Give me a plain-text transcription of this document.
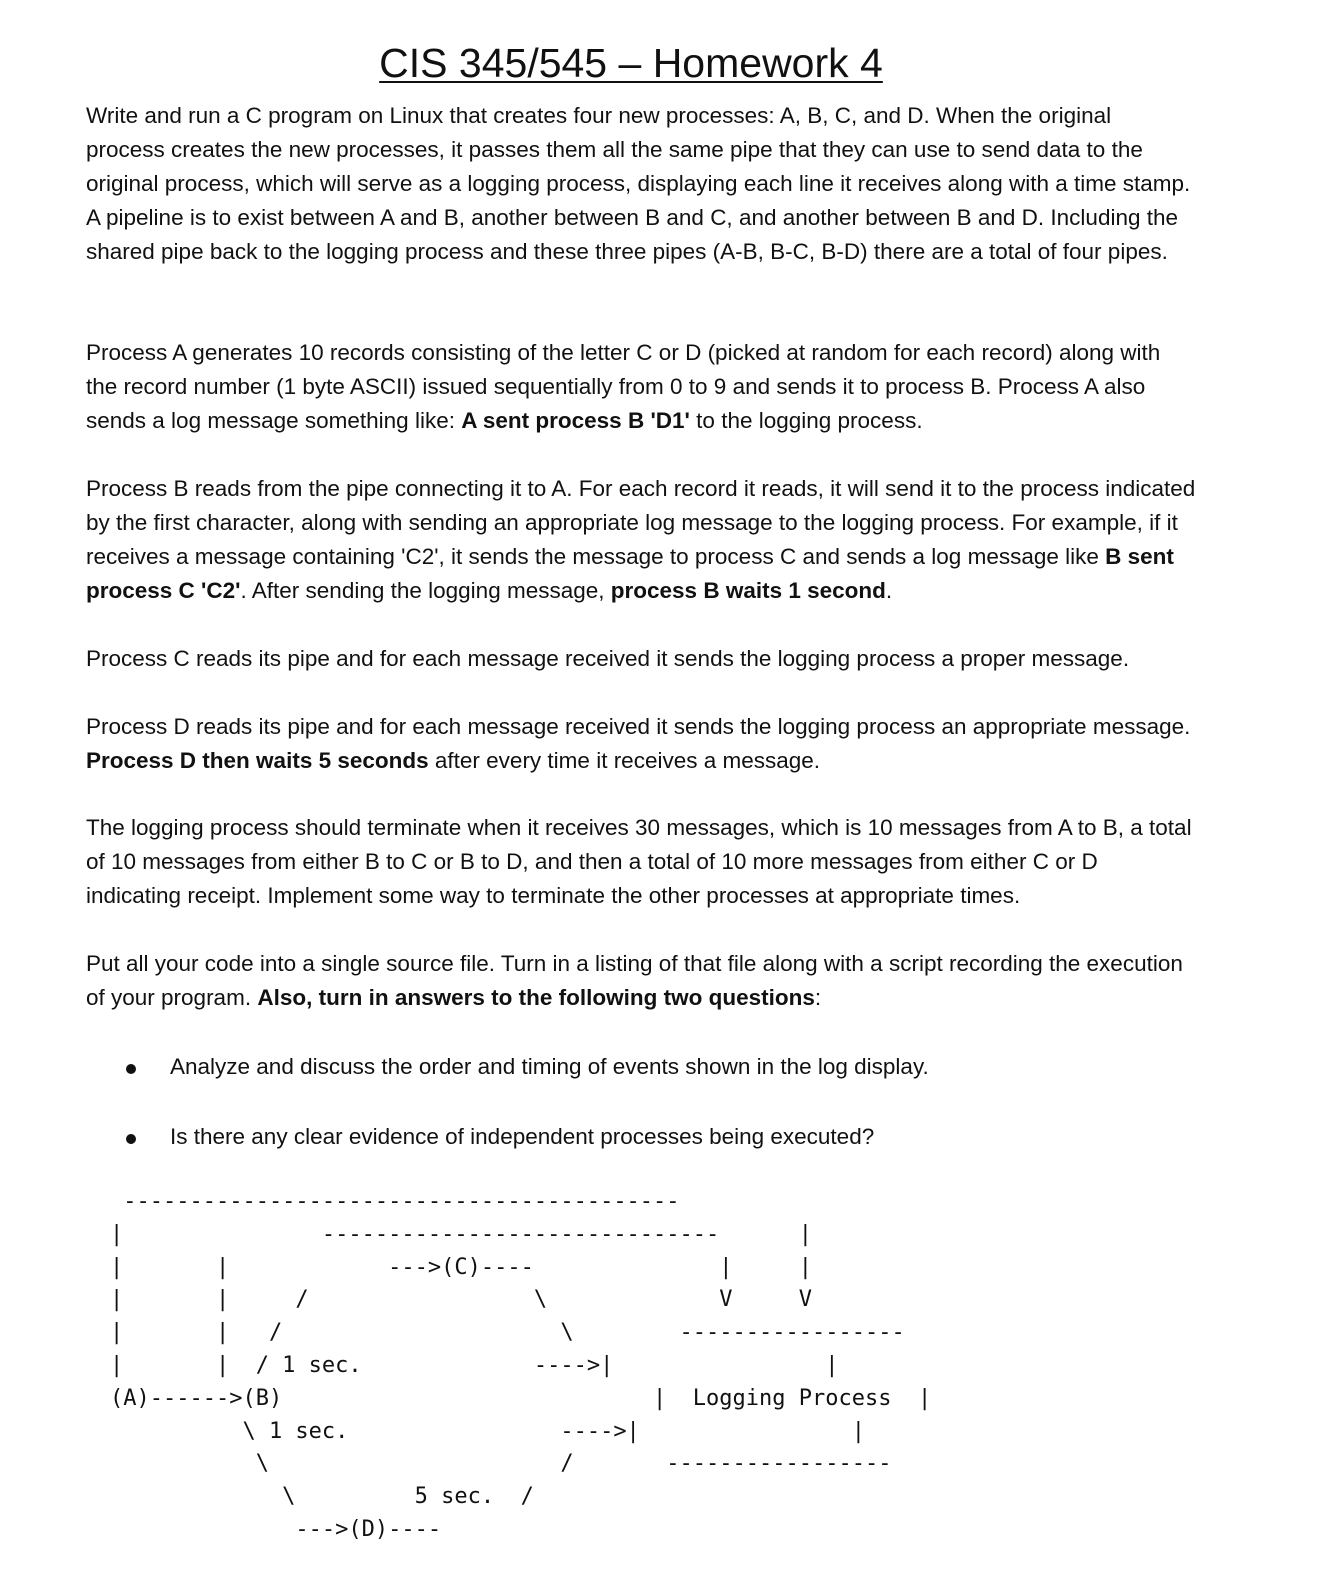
CIS 345/545 – Homework 4

Write and run a C program on Linux that creates four new processes: A, B, C, and D. When the original process creates the new processes, it passes them all the same pipe that they can use to send data to the original process, which will serve as a logging process, displaying each line it receives along with a time stamp. A pipeline is to exist between A and B, another between B and C, and another between B and D. Including the shared pipe back to the logging process and these three pipes (A-B, B-C, B-D) there are a total of four pipes.

Process A generates 10 records consisting of the letter C or D (picked at random for each record) along with the record number (1 byte ASCII) issued sequentially from 0 to 9 and sends it to process B. Process A also sends a log message something like: A sent process B 'D1' to the logging process.

Process B reads from the pipe connecting it to A. For each record it reads, it will send it to the process indicated by the first character, along with sending an appropriate log message to the logging process. For example, if it receives a message containing 'C2', it sends the message to process C and sends a log message like B sent process C 'C2'. After sending the logging message, process B waits 1 second.

Process C reads its pipe and for each message received it sends the logging process a proper message.

Process D reads its pipe and for each message received it sends the logging process an appropriate message. Process D then waits 5 seconds after every time it receives a message.

The logging process should terminate when it receives 30 messages, which is 10 messages from A to B, a total of 10 messages from either B to C or B to D, and then a total of 10 more messages from either C or D indicating receipt. Implement some way to terminate the other processes at appropriate times.

Put all your code into a single source file. Turn in a listing of that file along with a script recording the execution of your program. Also, turn in answers to the following two questions:

Analyze and discuss the order and timing of events shown in the log display.
Is there any clear evidence of independent processes being executed?
------------------------------------------
|               ------------------------------      |
|       |            --->(C)----              |     |
|       |     /                 \             V     V
|       |   /                     \        -----------------
|       |  / 1 sec.             ---->|                |
(A)------>(B)                            |  Logging Process  |
\ 1 sec.                ---->|                |
\                      /       -----------------
\         5 sec.  /
--->(D)----
